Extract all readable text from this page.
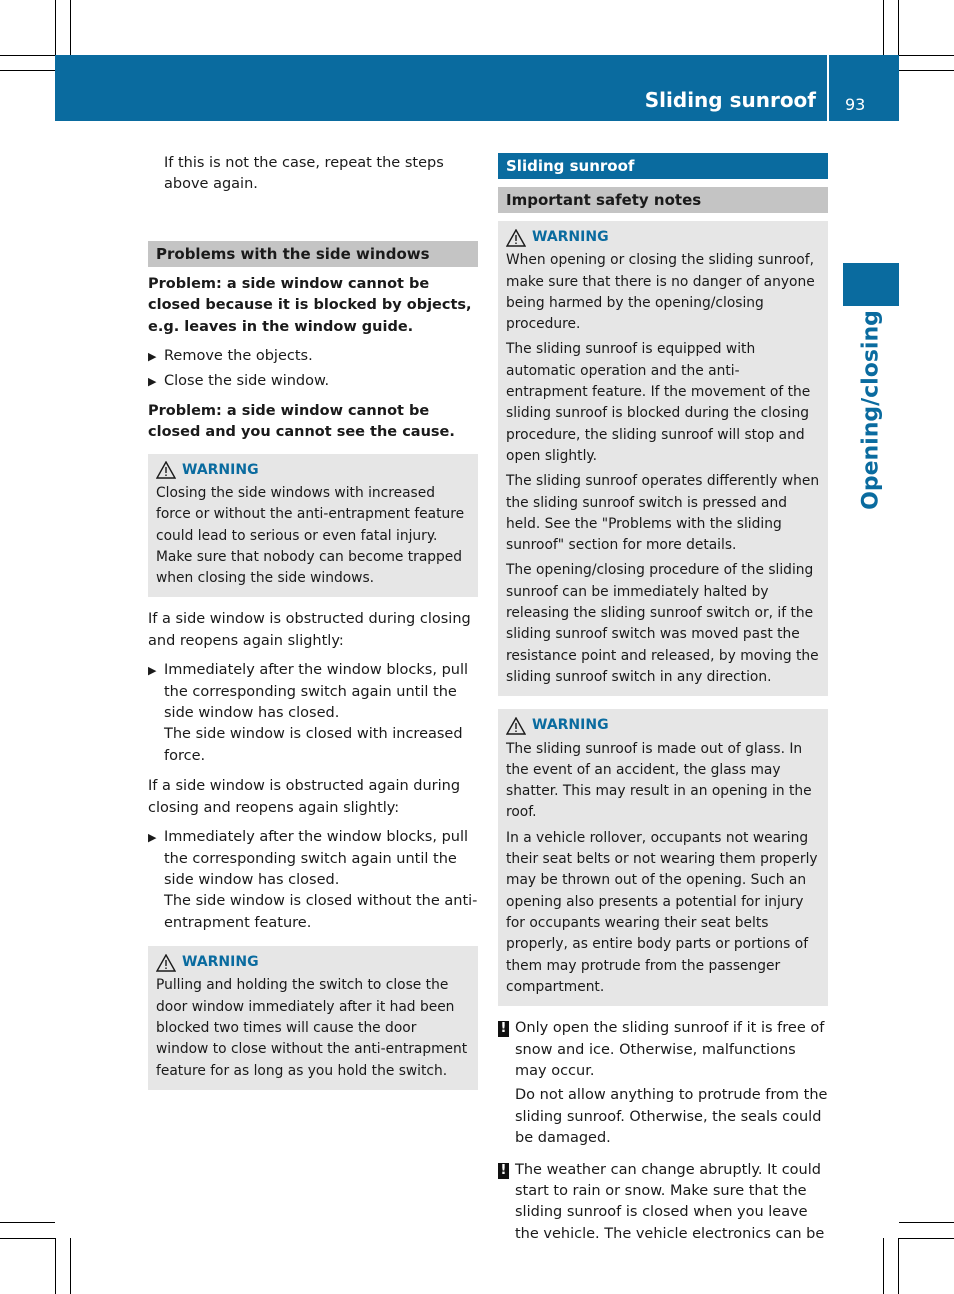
Sliding sunroof 93
Opening/closing
If this is not the case, repeat the steps above again.
Problems with the side windows
Problem: a side window cannot be closed because it is blocked by objects, e.g. leaves in the window guide.
▶ Remove the objects.
▶ Close the side window.
Problem: a side window cannot be closed and you cannot see the cause.
WARNING
Closing the side windows with increased force or without the anti-entrapment feature could lead to serious or even fatal injury. Make sure that nobody can become trapped when closing the side windows.
If a side window is obstructed during closing and reopens again slightly:
▶ Immediately after the window blocks, pull the corresponding switch again until the side window has closed.
The side window is closed with increased force.
If a side window is obstructed again during closing and reopens again slightly:
▶ Immediately after the window blocks, pull the corresponding switch again until the side window has closed.
The side window is closed without the anti-entrapment feature.
WARNING
Pulling and holding the switch to close the door window immediately after it had been blocked two times will cause the door window to close without the anti-entrapment feature for as long as you hold the switch.
Sliding sunroof
Important safety notes
WARNING
When opening or closing the sliding sunroof, make sure that there is no danger of anyone being harmed by the opening/closing procedure.
The sliding sunroof is equipped with automatic operation and the anti-entrapment feature. If the movement of the sliding sunroof is blocked during the closing procedure, the sliding sunroof will stop and open slightly.
The sliding sunroof operates differently when the sliding sunroof switch is pressed and held. See the "Problems with the sliding sunroof" section for more details.
The opening/closing procedure of the sliding sunroof can be immediately halted by releasing the sliding sunroof switch or, if the sliding sunroof switch was moved past the resistance point and released, by moving the sliding sunroof switch in any direction.
WARNING
The sliding sunroof is made out of glass. In the event of an accident, the glass may shatter. This may result in an opening in the roof.
In a vehicle rollover, occupants not wearing their seat belts or not wearing them properly may be thrown out of the opening. Such an opening also presents a potential for injury for occupants wearing their seat belts properly, as entire body parts or portions of them may protrude from the passenger compartment.
! Only open the sliding sunroof if it is free of snow and ice. Otherwise, malfunctions may occur.
Do not allow anything to protrude from the sliding sunroof. Otherwise, the seals could be damaged.
! The weather can change abruptly. It could start to rain or snow. Make sure that the sliding sunroof is closed when you leave the vehicle. The vehicle electronics can be
